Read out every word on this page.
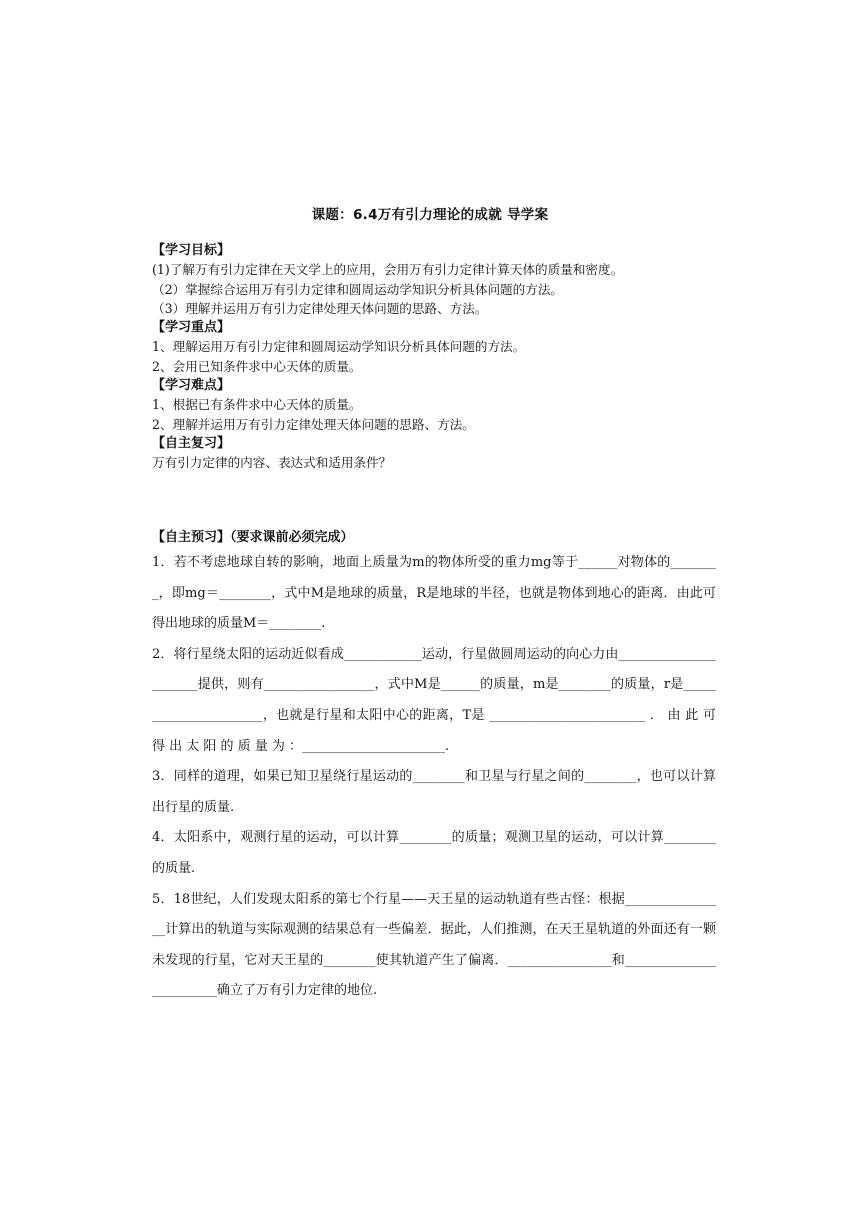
课题：6.4万有引力理论的成就 导学案
【学习目标】
(1)了解万有引力定律在天文学上的应用，会用万有引力定律计算天体的质量和密度。
（2）掌握综合运用万有引力定律和圆周运动学知识分析具体问题的方法。
（3）理解并运用万有引力定律处理天体问题的思路、方法。
【学习重点】
1、理解运用万有引力定律和圆周运动学知识分析具体问题的方法。
2、会用已知条件求中心天体的质量。
【学习难点】
1、根据已有条件求中心天体的质量。
2、理解并运用万有引力定律处理天体问题的思路、方法。
【自主复习】
万有引力定律的内容、表达式和适用条件？
【自主预习】（要求课前必须完成）

1．若不考虑地球自转的影响，地面上质量为m的物体所受的重力mg等于______对物体的________，即mg＝________，式中M是地球的质量，R是地球的半径，也就是物体到地心的距离．由此可得出地球的质量M＝________.

2．将行星绕太阳的运动近似看成____________运动，行星做圆周运动的向心力由______________________提供，则有_________________，式中M是______的质量，m是________的质量，r是______________________，也就是行星和太阳中心的距离，T是 ________________________ ． 由 此 可 得 出 太 阳 的 质 量 为 ：______________________.

3．同样的道理，如果已知卫星绕行星运动的________和卫星与行星之间的________，也可以计算出行星的质量.

4．太阳系中，观测行星的运动，可以计算________的质量；观测卫星的运动，可以计算________的质量.

5．18世纪，人们发现太阳系的第七个行星——天王星的运动轨道有些古怪：根据________________计算出的轨道与实际观测的结果总有一些偏差．据此，人们推测，在天王星轨道的外面还有一颗未发现的行星，它对天王星的________使其轨道产生了偏离．________________和________________________确立了万有引力定律的地位.
